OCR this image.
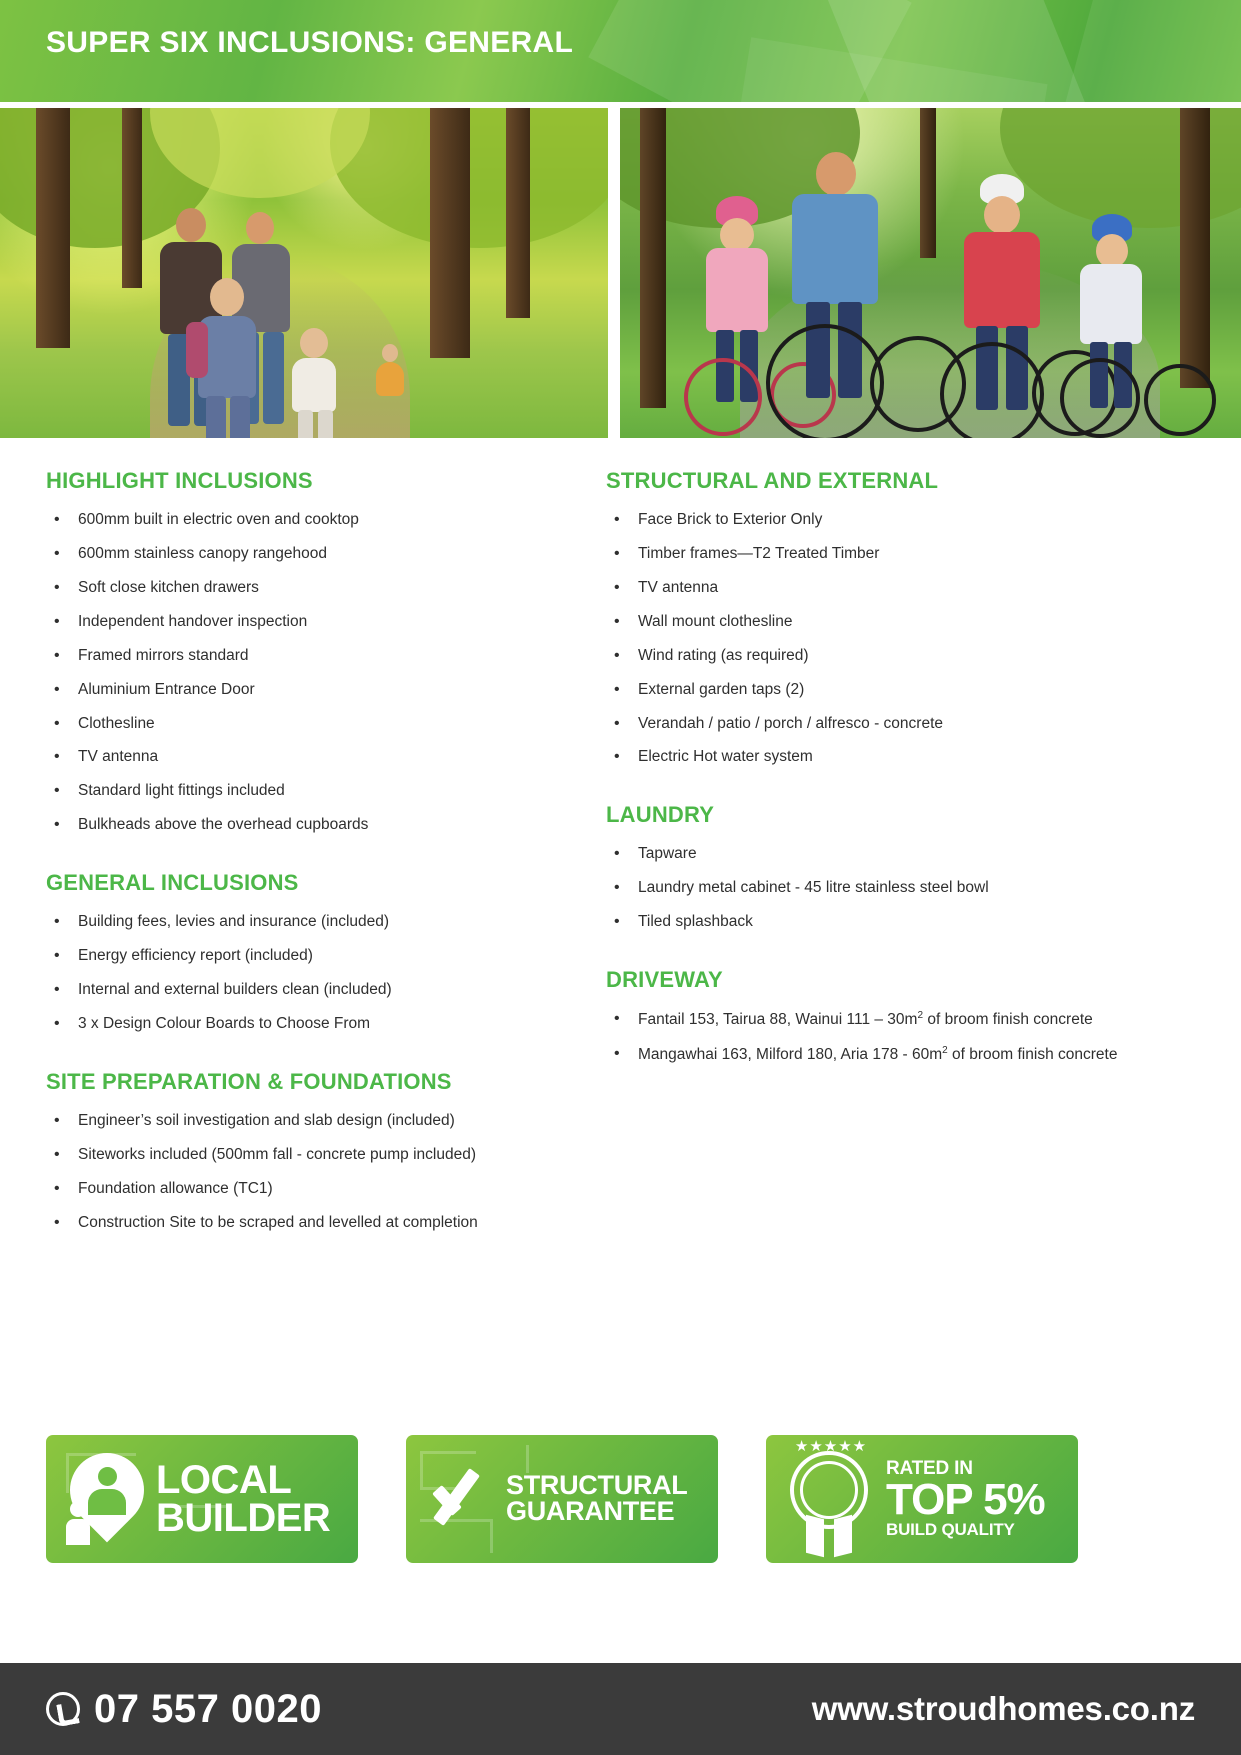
SUPER SIX INCLUSIONS: GENERAL
HIGHLIGHT INCLUSIONS
• 600mm built in electric oven and cooktop
• 600mm stainless canopy rangehood
• Soft close kitchen drawers
• Independent handover inspection
• Framed mirrors standard
• Aluminium Entrance Door
• Clothesline
• TV antenna
• Standard light fittings included
• Bulkheads above the overhead cupboards
GENERAL INCLUSIONS
• Building fees, levies and insurance (included)
• Energy efficiency report (included)
• Internal and external builders clean (included)
• 3 x Design Colour Boards to Choose From
SITE PREPARATION & FOUNDATIONS
• Engineer’s soil investigation and slab design (included)
• Siteworks included (500mm fall - concrete pump included)
• Foundation allowance (TC1)
• Construction Site to be scraped and levelled at completion
STRUCTURAL AND EXTERNAL
• Face Brick to Exterior Only
• Timber frames—T2 Treated Timber
• TV antenna
• Wall mount clothesline
• Wind rating (as required)
• External garden taps (2)
• Verandah / patio / porch / alfresco - concrete
• Electric Hot water system
LAUNDRY
• Tapware
• Laundry metal cabinet - 45 litre stainless steel bowl
• Tiled splashback
DRIVEWAY
• Fantail 153, Tairua 88, Wainui $111 - 30m^2$ of broom finish concrete
• Mangawhai 163, Milford 180, Aria $178 - 60m^2$ of broom finish concrete
LOCAL
BUILDER
STRUCTURAL
GUARANTEE
★★★★★
RATED IN
TOP 5%
BUILD QUALITY
07 557 0020	www.stroudhomes.co.nz
